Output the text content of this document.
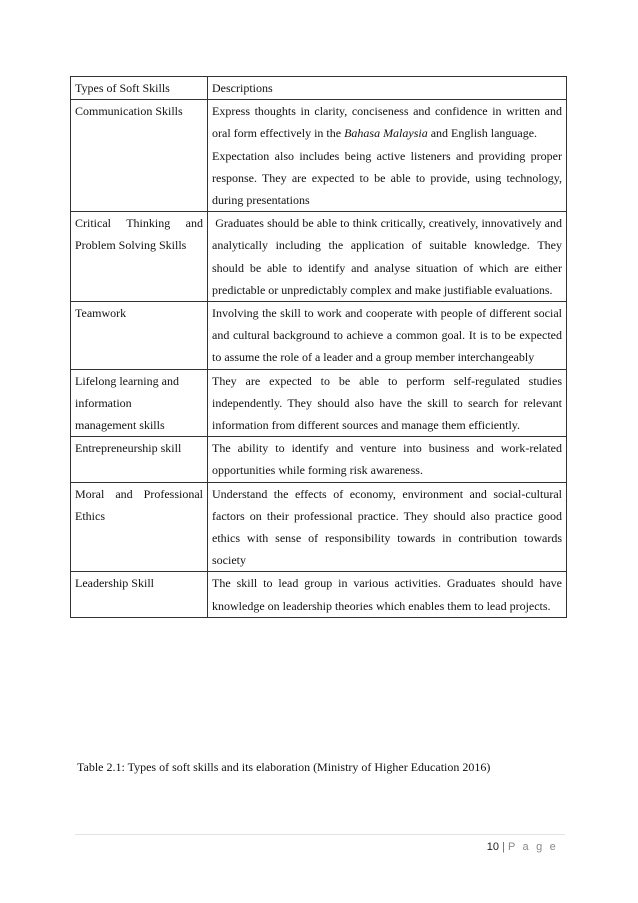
Types of Soft Skills	Descriptions
Communication Skills	Express thoughts in clarity, conciseness and confidence in written and oral form effectively in the Bahasa Malaysia and English language.

Expectation also includes being active listeners and providing proper response. They are expected to be able to provide, using technology, during presentations

Critical Thinking and Problem Solving Skills	Graduates should be able to think critically, creatively, innovatively and analytically including the application of suitable knowledge. They should be able to identify and analyse situation of which are either predictable or unpredictably complex and make justifiable evaluations.
Teamwork	Involving the skill to work and cooperate with people of different social and cultural background to achieve a common goal. It is to be expected to assume the role of a leader and a group member interchangeably

Lifelong learning and
information
management skills	They are expected to be able to perform self-regulated studies independently. They should also have the skill to search for relevant information from different sources and manage them efficiently.
Entrepreneurship skill	The ability to identify and venture into business and work-related opportunities while forming risk awareness.
Moral and Professional Ethics	Understand the effects of economy, environment and social-cultural factors on their professional practice. They should also practice good ethics with sense of responsibility towards in contribution towards society
Leadership Skill	The skill to lead group in various activities. Graduates should have knowledge on leadership theories which enables them to lead projects.
Table 2.1: Types of soft skills and its elaboration (Ministry of Higher Education 2016)
10 | P a g e
